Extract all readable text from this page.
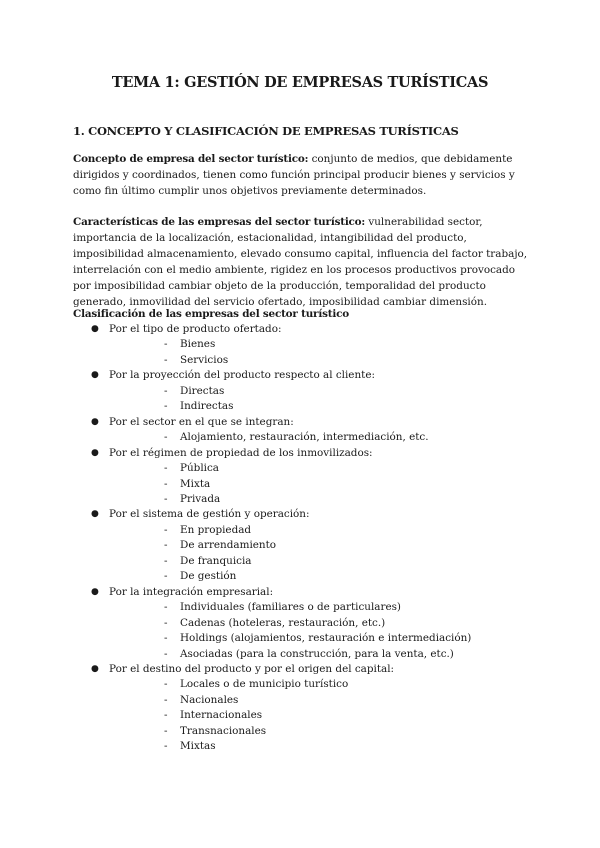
TEMA 1: GESTIÓN DE EMPRESAS TURÍSTICAS
1. CONCEPTO Y CLASIFICACIÓN DE EMPRESAS TURÍSTICAS

Concepto de empresa del sector turístico: conjunto de medios, que debidamente dirigidos y coordinados, tienen como función principal producir bienes y servicios y como fin último cumplir unos objetivos previamente determinados.

Características de las empresas del sector turístico: vulnerabilidad sector, importancia de la localización, estacionalidad, intangibilidad del producto, imposibilidad almacenamiento, elevado consumo capital, influencia del factor trabajo, interrelación con el medio ambiente, rigidez en los procesos productivos provocado por imposibilidad cambiar objeto de la producción, temporalidad del producto generado, inmovilidad del servicio ofertado, imposibilidad cambiar dimensión.

Clasificación de las empresas del sector turístico
● Por el tipo de producto ofertado:
- Bienes
- Servicios
● Por la proyección del producto respecto al cliente:
- Directas
- Indirectas
● Por el sector en el que se integran:
- Alojamiento, restauración, intermediación, etc.
● Por el régimen de propiedad de los inmovilizados:
- Pública
- Mixta
- Privada
● Por el sistema de gestión y operación:
- En propiedad
- De arrendamiento
- De franquicia
- De gestión
● Por la integración empresarial:
- Individuales (familiares o de particulares)
- Cadenas (hoteleras, restauración, etc.)
- Holdings (alojamientos, restauración e intermediación)
- Asociadas (para la construcción, para la venta, etc.)
● Por el destino del producto y por el origen del capital:
- Locales o de municipio turístico
- Nacionales
- Internacionales
- Transnacionales
- Mixtas
